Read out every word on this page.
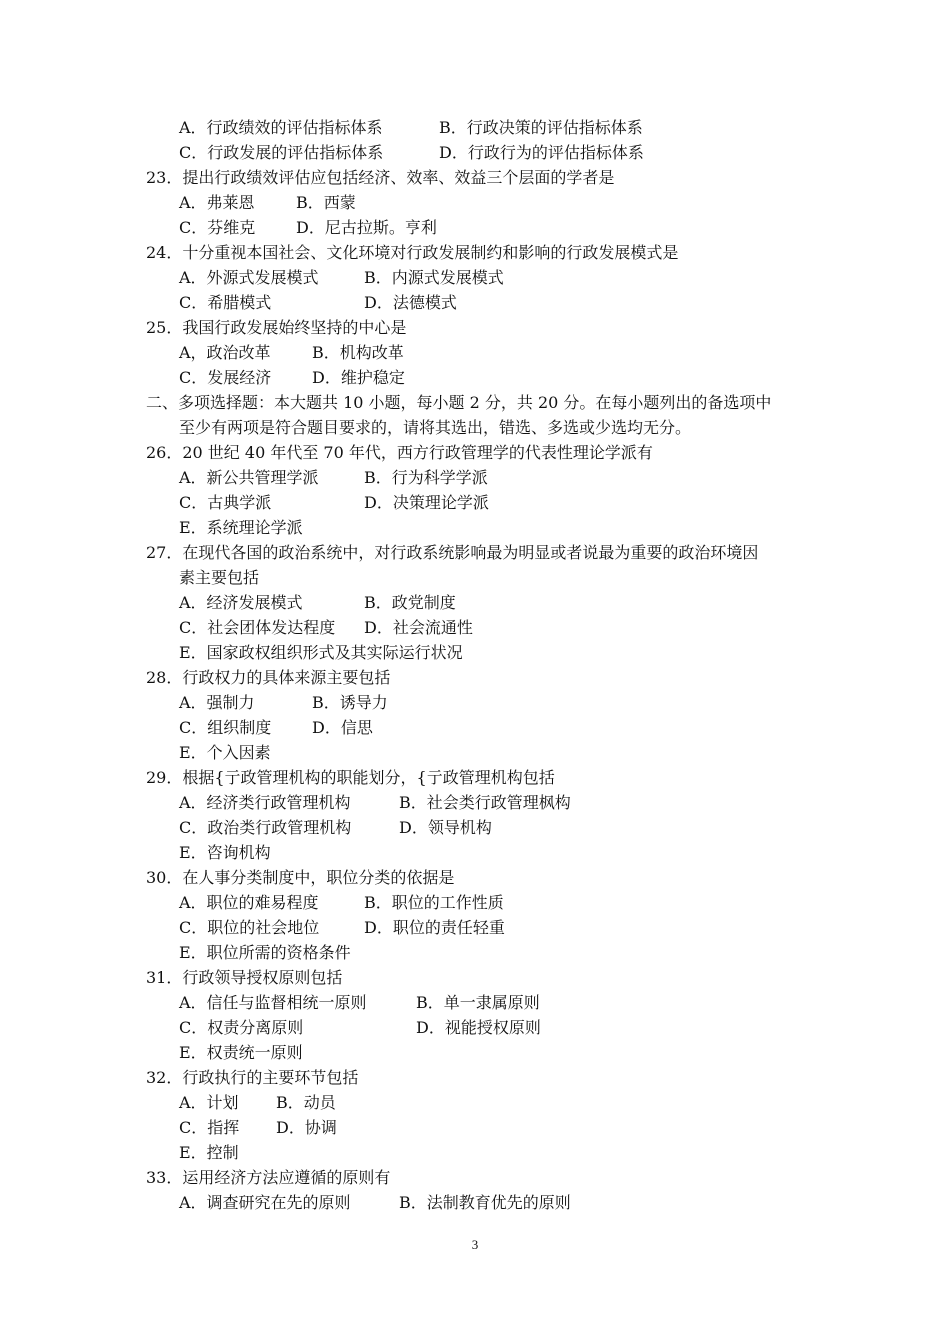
A．行政绩效的评估指标体系	B．行政决策的评估指标体系
C．行政发展的评估指标体系	D．行政行为的评估指标体系
23．提出行政绩效评估应包括经济、效率、效益三个层面的学者是
A．弗莱恩	B．西蒙
C．芬维克	D．尼古拉斯。亨利
24．十分重视本国社会、文化环境对行政发展制约和影响的行政发展模式是
A．外源式发展模式	B．内源式发展模式
C．希腊模式	D．法德模式
25．我国行政发展始终坚持的中心是
A，政治改革	B．机构改革
C．发展经济	D．维护稳定
二、多项选择题：本大题共 10 小题，每小题 2 分，共 20 分。在每小题列出的备选项中
至少有两项是符合题目要求的，请将其选出，错选、多选或少选均无分。
26．20 世纪 40 年代至 70 年代，西方行政管理学的代表性理论学派有
A．新公共管理学派	B．行为科学学派
C．古典学派	D．决策理论学派
E．系统理论学派
27．在现代各国的政治系统中，对行政系统影响最为明显或者说最为重要的政治环境因
素主要包括
A．经济发展模式	B．政党制度
C．社会团体发达程度 D．社会流通性
E．国家政权组织形式及其实际运行状况
28．行政权力的具体来源主要包括
A．强制力	B．诱导力
C．组织制度	D．信思
E．个入因素
29．根据{亍政管理机构的职能划分，{亍政管理机构包括
A．经济类行政管理机构	B．社会类行政管理枫构
C．政治类行政管理机构	D．领导机构
E．咨询机构
30．在人事分类制度中，职位分类的依据是
A．职位的难易程度	B．职位的工作性质
C．职位的社会地位	D．职位的责任轻重
E．职位所需的资格条件
31．行政领导授权原则包括
A．信任与监督相统一原则	B．单一隶属原则
C．权责分离原则	D．视能授权原则
E．权责统一原则
32．行政执行的主要环节包括
A．计划 B．动员
C．指挥 D．协调
E．控制
33．运用经济方法应遵循的原则有
A．调查研究在先的原则	B．法制教育优先的原则
3
